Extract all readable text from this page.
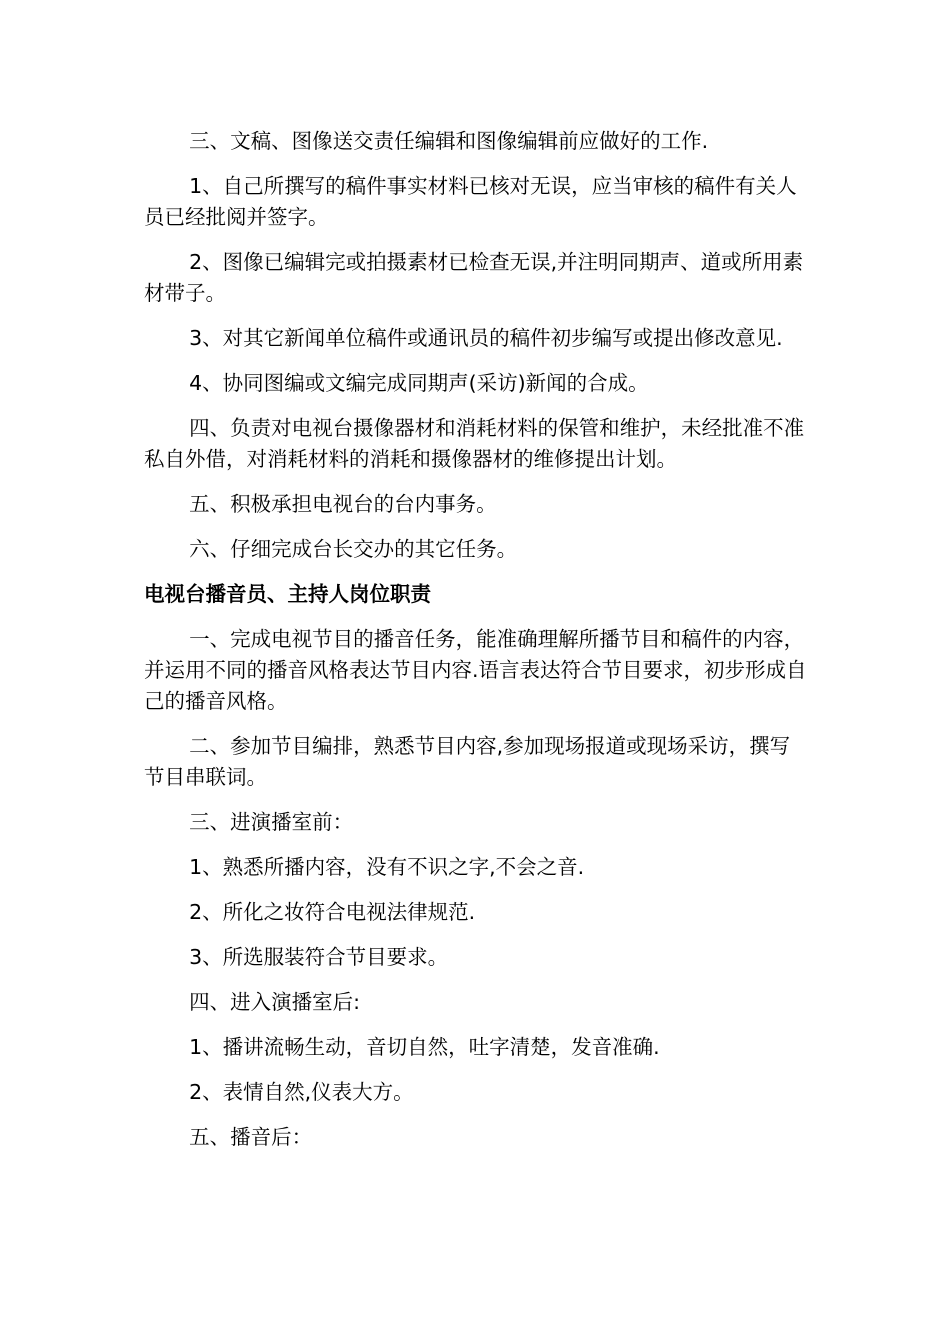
三、文稿、图像送交责任编辑和图像编辑前应做好的工作.

1、自己所撰写的稿件事实材料已核对无误，应当审核的稿件有关人员已经批阅并签字。

2、图像已编辑完或拍摄素材已检查无误,并注明同期声、道或所用素材带子。

3、对其它新闻单位稿件或通讯员的稿件初步编写或提出修改意见.

4、协同图编或文编完成同期声(采访)新闻的合成。

四、负责对电视台摄像器材和消耗材料的保管和维护，未经批准不准私自外借，对消耗材料的消耗和摄像器材的维修提出计划。

五、积极承担电视台的台内事务。

六、仔细完成台长交办的其它任务。

电视台播音员、主持人岗位职责

一、完成电视节目的播音任务，能准确理解所播节目和稿件的内容，并运用不同的播音风格表达节目内容.语言表达符合节目要求，初步形成自己的播音风格。

二、参加节目编排，熟悉节目内容,参加现场报道或现场采访，撰写节目串联词。

三、进演播室前：

1、熟悉所播内容，没有不识之字,不会之音.

2、所化之妆符合电视法律规范.

3、所选服装符合节目要求。

四、进入演播室后:

1、播讲流畅生动，音切自然，吐字清楚，发音准确.

2、表情自然,仪表大方。

五、播音后：
